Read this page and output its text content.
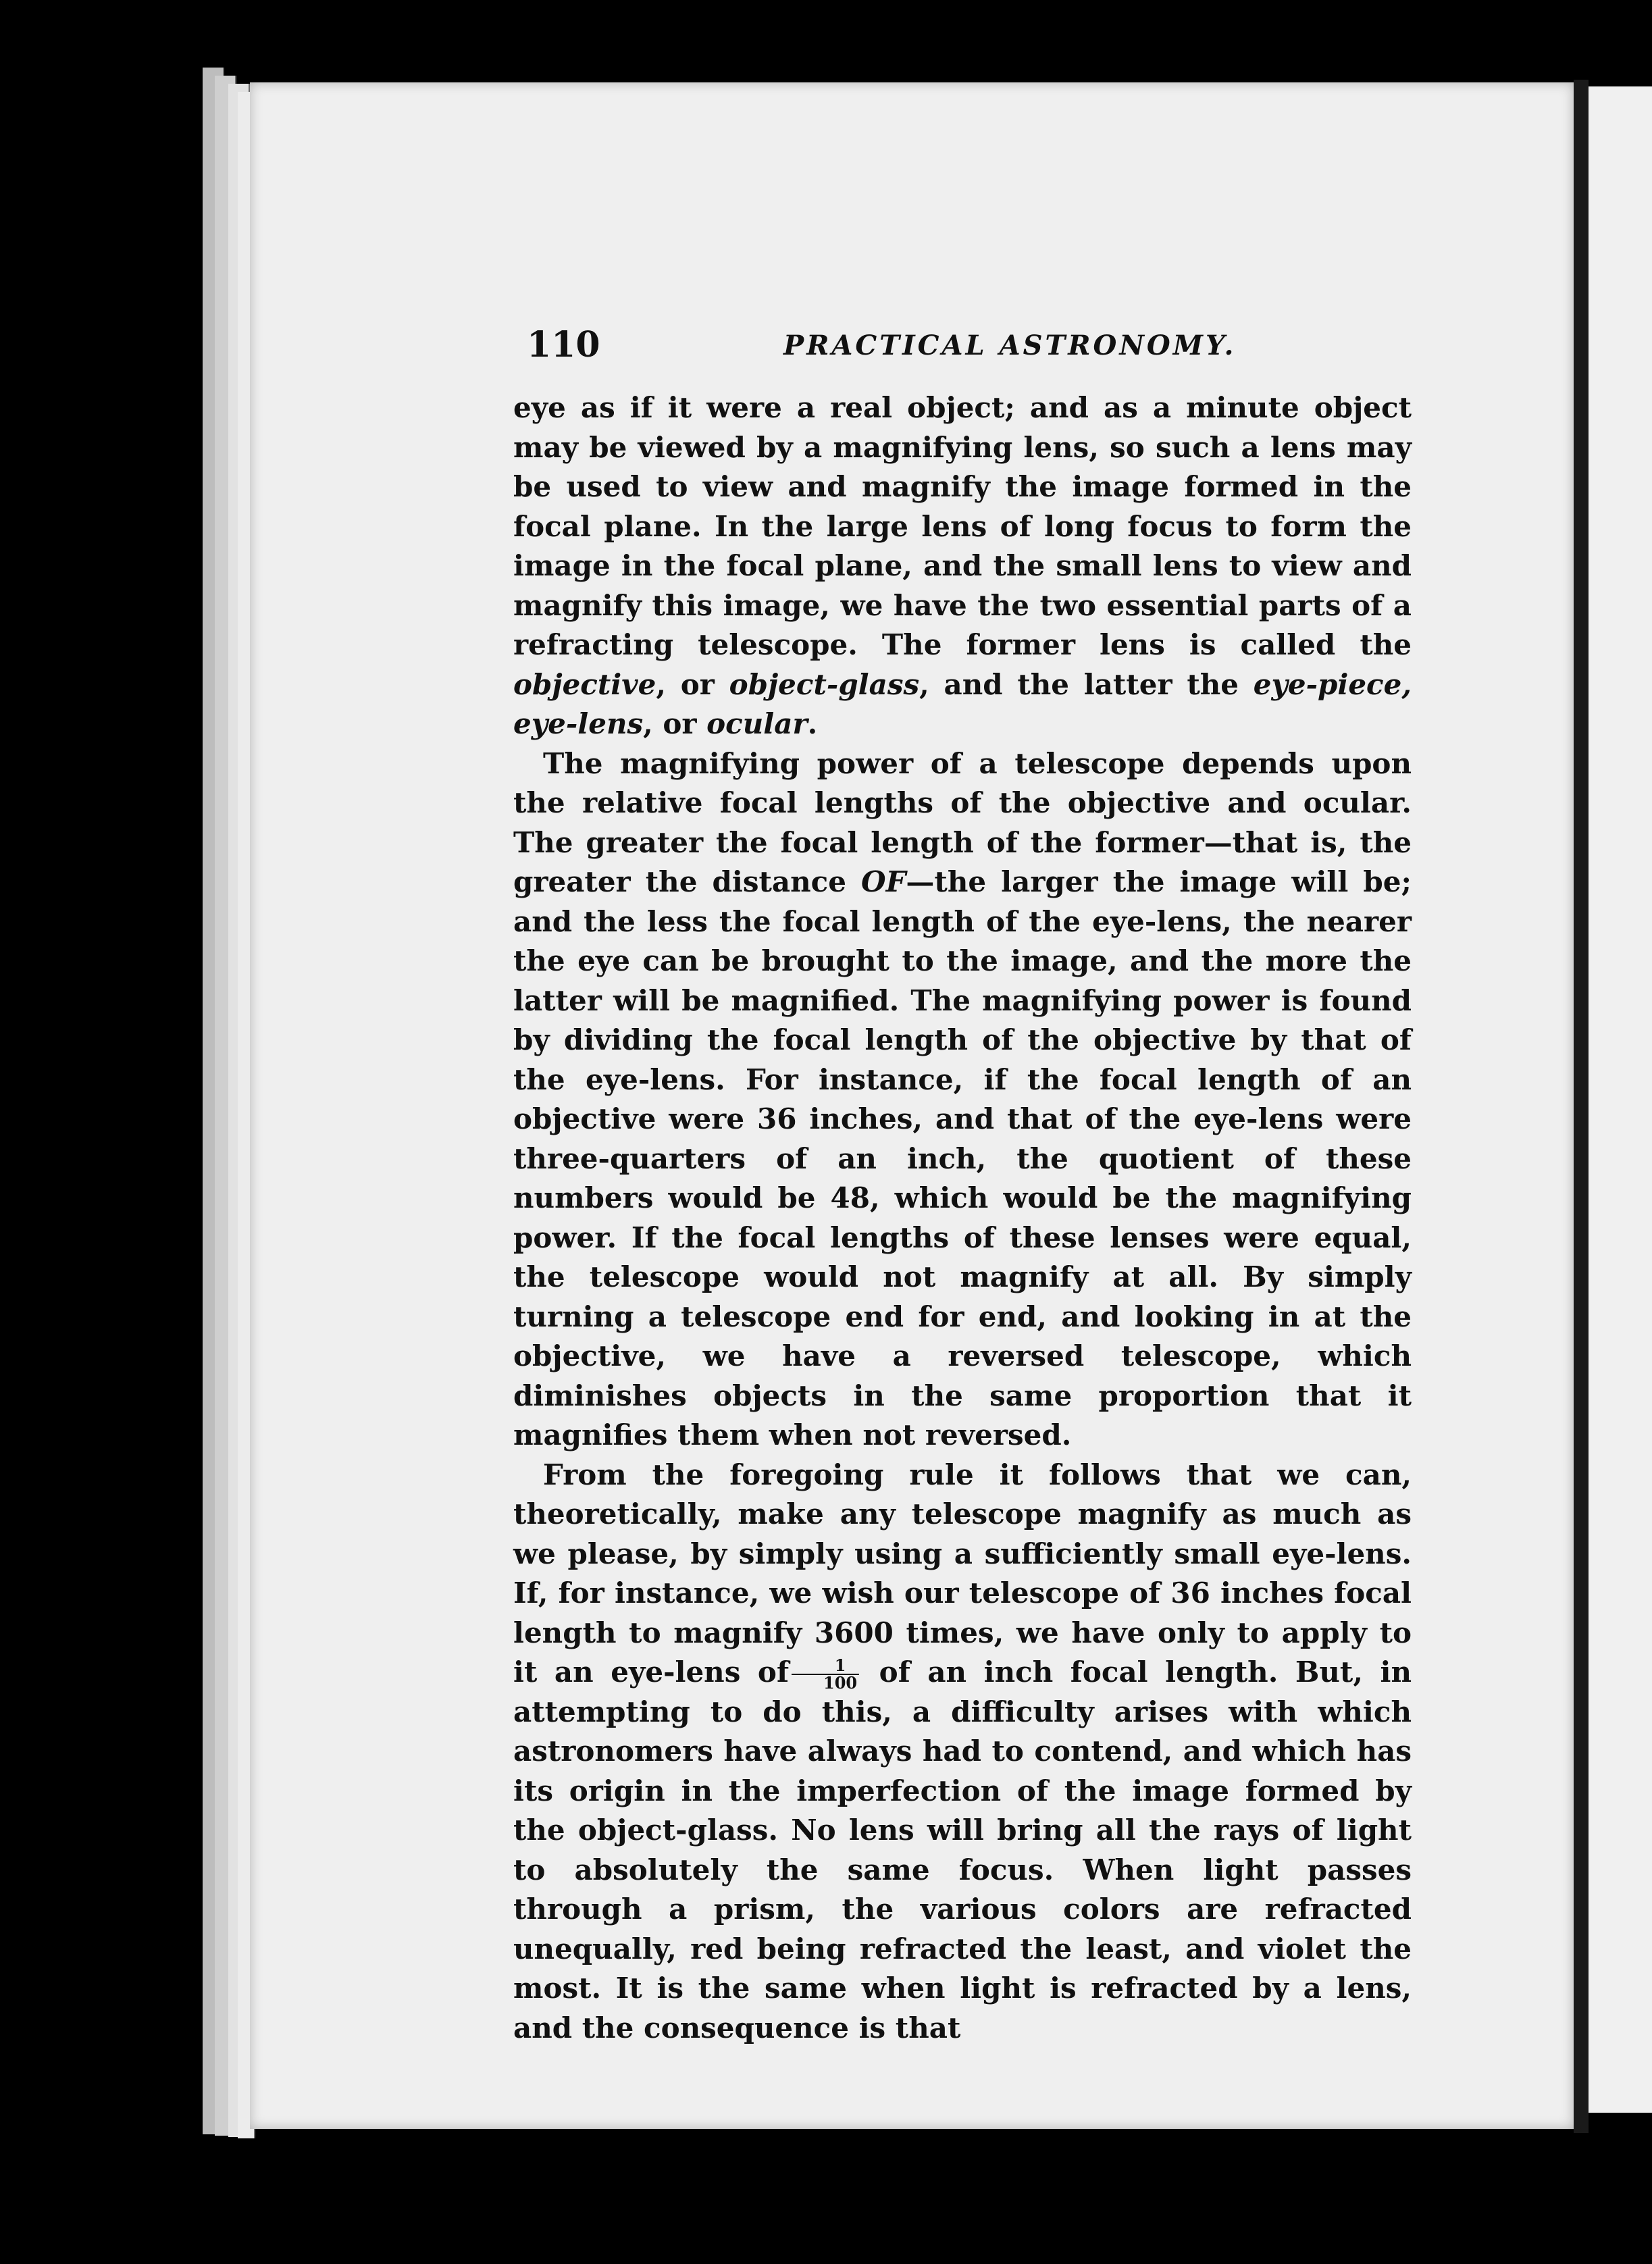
110	PRACTICAL ASTRONOMY.

eye as if it were a real object; and as a minute object may be viewed by a magnifying lens, so such a lens may be used to view and magnify the image formed in the focal plane. In the large lens of long focus to form the image in the focal plane, and the small lens to view and magnify this image, we have the two essential parts of a refracting telescope. The former lens is called the objective, or object-glass, and the latter the eye-piece, eye-lens, or ocular.

The magnifying power of a telescope depends upon the relative focal lengths of the objective and ocular. The greater the focal length of the former—that is, the greater the distance OF—the larger the image will be; and the less the focal length of the eye-lens, the nearer the eye can be brought to the image, and the more the latter will be magnified. The magnifying power is found by dividing the focal length of the objective by that of the eye-lens. For instance, if the focal length of an objective were 36 inches, and that of the eye-lens were three-quarters of an inch, the quotient of these numbers would be 48, which would be the magnifying power. If the focal lengths of these lenses were equal, the telescope would not magnify at all. By simply turning a telescope end for end, and looking in at the objective, we have a reversed telescope, which diminishes objects in the same proportion that it magnifies them when not reversed.

From the foregoing rule it follows that we can, theoretically, make any telescope magnify as much as we please, by simply using a sufficiently small eye-lens. If, for instance, we wish our telescope of 36 inches focal length to magnify 3600 times, we have only to apply to it an eye-lens of $\frac{1}{100}$ of an inch focal length. But, in attempting to do this, a difficulty arises with which astronomers have always had to contend, and which has its origin in the imperfection of the image formed by the object-glass. No lens will bring all the rays of light to absolutely the same focus. When light passes through a prism, the various colors are refracted unequally, red being refracted the least, and violet the most. It is the same when light is refracted by a lens, and the consequence is that
